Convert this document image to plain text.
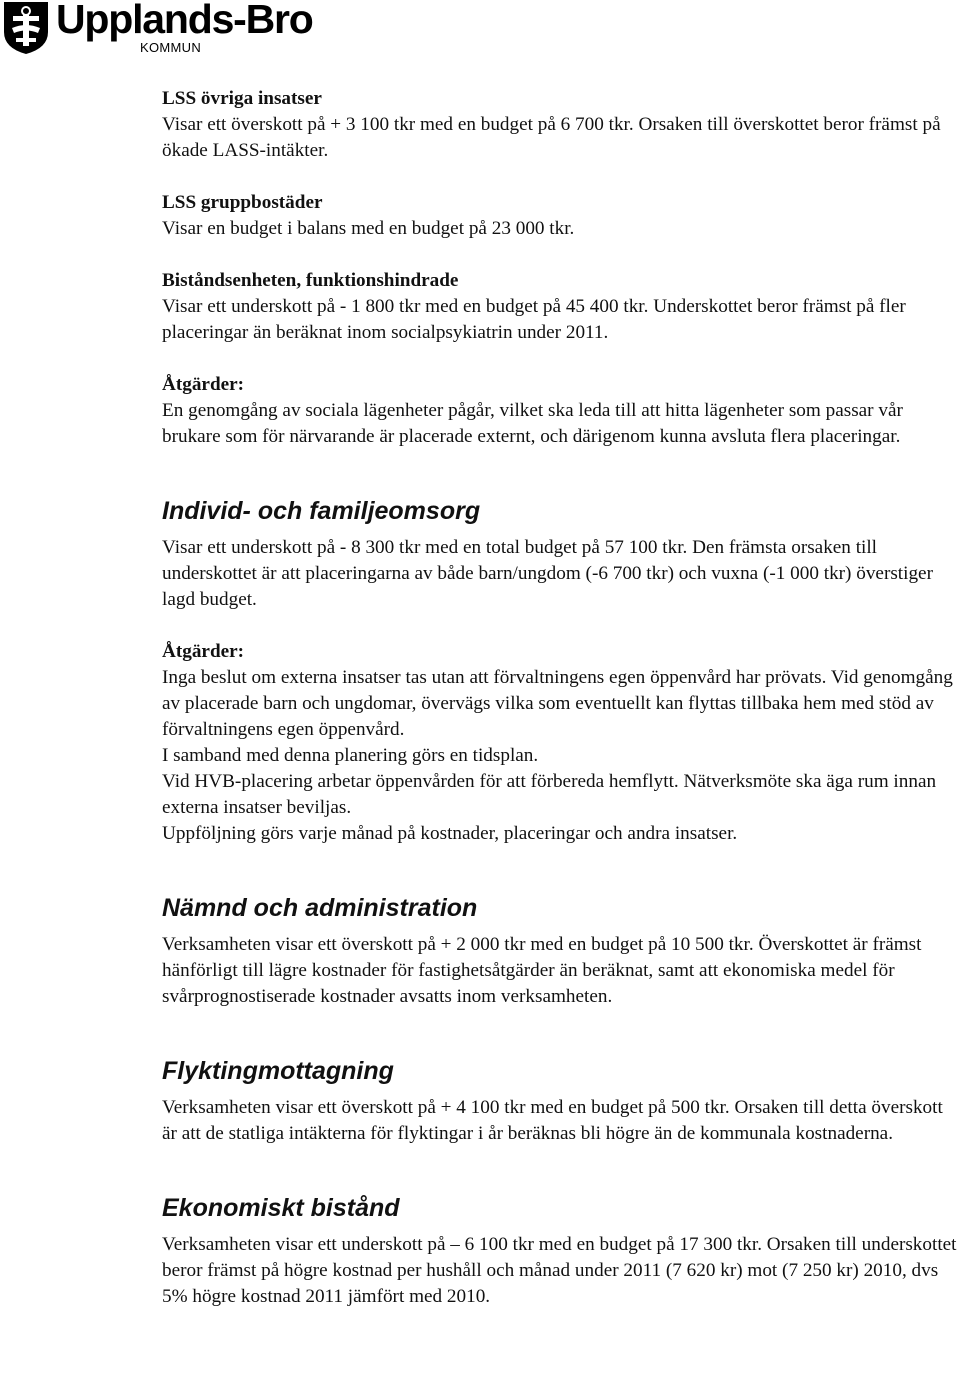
Upplands-Bro
KOMMUN

LSS övriga insatser

Visar ett överskott på + 3 100 tkr med en budget på 6 700 tkr. Orsaken till överskottet beror främst på ökade LASS-intäkter.

LSS gruppbostäder

Visar en budget i balans med en budget på 23 000 tkr.

Biståndsenheten, funktionshindrade

Visar ett underskott på - 1 800 tkr med en budget på 45 400 tkr. Underskottet beror främst på fler placeringar än beräknat inom socialpsykiatrin under 2011.

Åtgärder:

En genomgång av sociala lägenheter pågår, vilket ska leda till att hitta lägenheter som passar vår brukare som för närvarande är placerade externt, och därigenom kunna avsluta flera placeringar.

Individ- och familjeomsorg

Visar ett underskott på - 8 300 tkr med en total budget på 57 100 tkr. Den främsta orsaken till underskottet är att placeringarna av både barn/ungdom (-6 700 tkr) och vuxna (-1 000 tkr) överstiger lagd budget.

Åtgärder:

Inga beslut om externa insatser tas utan att förvaltningens egen öppenvård har prövats. Vid genomgång av placerade barn och ungdomar, övervägs vilka som eventuellt kan flyttas tillbaka hem med stöd av förvaltningens egen öppenvård.

I samband med denna planering görs en tidsplan.

Vid HVB-placering arbetar öppenvården för att förbereda hemflytt. Nätverksmöte ska äga rum innan externa insatser beviljas.

Uppföljning görs varje månad på kostnader, placeringar och andra insatser.

Nämnd och administration

Verksamheten visar ett överskott på + 2 000 tkr med en budget på 10 500 tkr. Överskottet är främst hänförligt till lägre kostnader för fastighetsåtgärder än beräknat, samt att ekonomiska medel för svårprognostiserade kostnader avsatts inom verksamheten.

Flyktingmottagning

Verksamheten visar ett överskott på + 4 100 tkr med en budget på 500 tkr. Orsaken till detta överskott är att de statliga intäkterna för flyktingar i år beräknas bli högre än de kommunala kostnaderna.

Ekonomiskt bistånd

Verksamheten visar ett underskott på – 6 100 tkr med en budget på 17 300 tkr. Orsaken till underskottet beror främst på högre kostnad per hushåll och månad under 2011 (7 620 kr) mot (7 250 kr) 2010, dvs 5% högre kostnad 2011 jämfört med 2010.
